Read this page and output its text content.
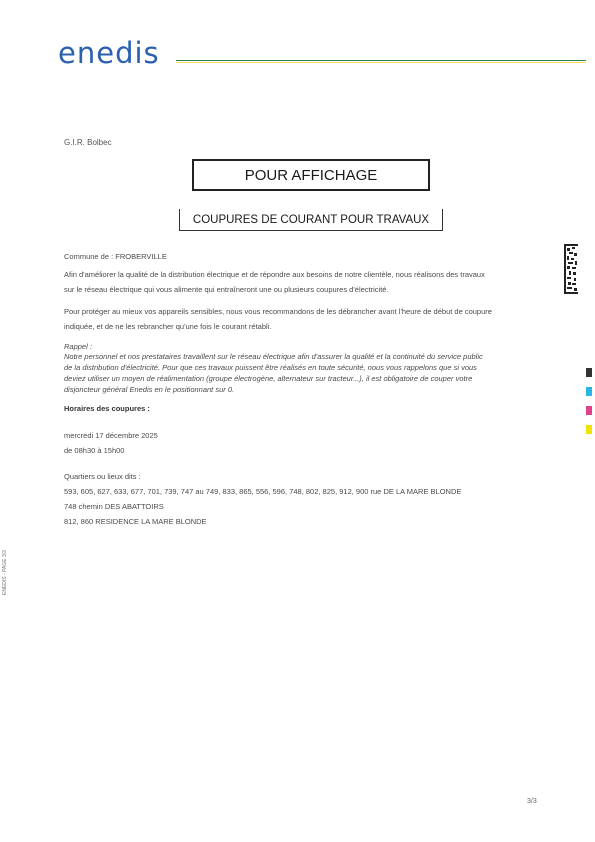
enedis
G.I.R. Bolbec
POUR AFFICHAGE
COUPURES DE COURANT POUR TRAVAUX
Commune de : FROBERVILLE
Afin d'améliorer la qualité de la distribution électrique et de répondre aux besoins de notre clientèle, nous réalisons des travaux
sur le réseau électrique qui vous alimente qui entraîneront une ou plusieurs coupures d'électricité.
Pour protéger au mieux vos appareils sensibles, nous vous recommandons de les débrancher avant l'heure de début de coupure
indiquée, et de ne les rebrancher qu'une fois le courant rétabli.
Rappel :
Notre personnel et nos prestataires travaillent sur le réseau électrique afin d'assurer la qualité et la continuité du service public
de la distribution d'électricité. Pour que ces travaux puissent être réalisés en toute sécurité, nous vous rappelons que si vous
deviez utiliser un moyen de réalimentation (groupe électrogène, alternateur sur tracteur...), il est obligatoire de couper votre
disjoncteur général Enedis en le positionnant sur 0.
Horaires des coupures :
mercredi 17 décembre 2025
de 08h30 à 15h00
Quartiers ou lieux dits :
593, 605, 627, 633, 677, 701, 739, 747 au 749, 833, 865, 556, 596, 748, 802, 825, 912, 900 rue DE LA MARE BLONDE
748 chemin DES ABATTOIRS
812, 860 RESIDENCE LA MARE BLONDE
ENEDIS - PAGE 3/3
3/3
